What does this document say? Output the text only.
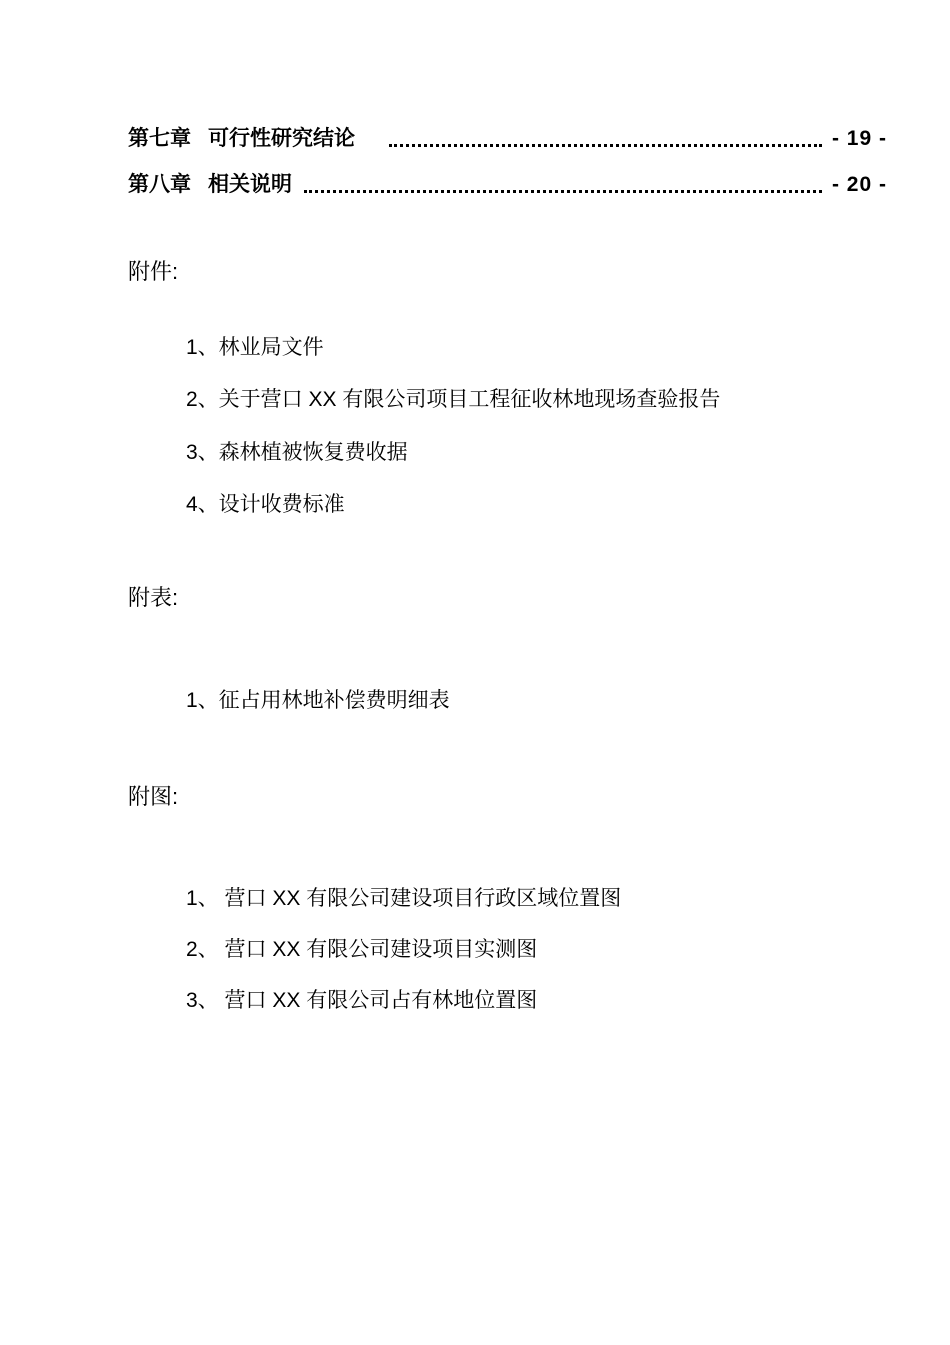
第七章 可行性研究结论	- 19 -
第八章 相关说明	- 20 -
附件:
1、林业局文件
2、关于营口 XX 有限公司项目工程征收林地现场查验报告
3、森林植被恢复费收据
4、设计收费标准
附表:
1、征占用林地补偿费明细表
附图:
1、 营口 XX 有限公司建设项目行政区域位置图
2、 营口 XX 有限公司建设项目实测图
3、 营口 XX 有限公司占有林地位置图
